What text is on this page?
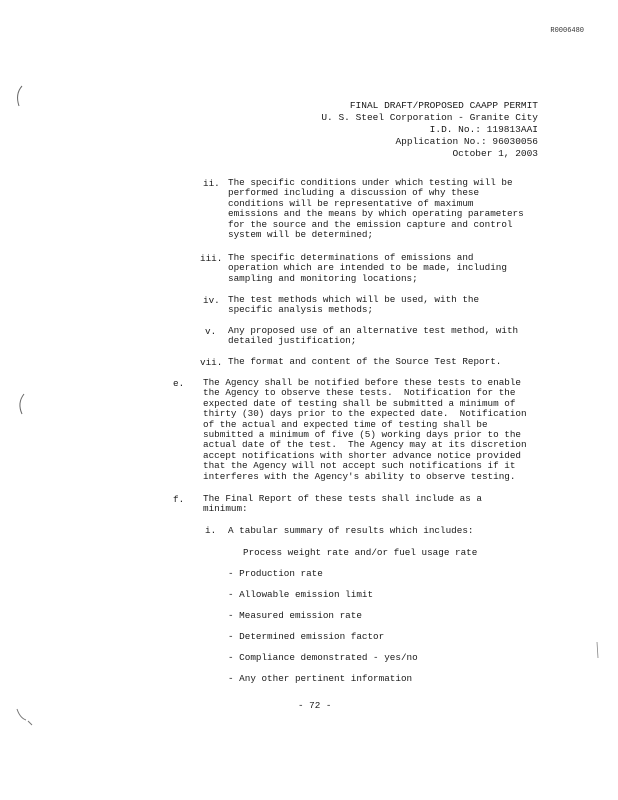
R0006480
FINAL DRAFT/PROPOSED CAAPP PERMIT
U. S. Steel Corporation - Granite City
I.D. No.: 119813AAI
Application No.: 96030056
October 1, 2003
ii. The specific conditions under which testing will be
performed including a discussion of why these
conditions will be representative of maximum
emissions and the means by which operating parameters
for the source and the emission capture and control
system will be determined;
iii. The specific determinations of emissions and
operation which are intended to be made, including
sampling and monitoring locations;
iv. The test methods which will be used, with the
specific analysis methods;
v. Any proposed use of an alternative test method, with
detailed justification;
vii. The format and content of the Source Test Report.
e. The Agency shall be notified before these tests to enable
the Agency to observe these tests.  Notification for the
expected date of testing shall be submitted a minimum of
thirty (30) days prior to the expected date.  Notification
of the actual and expected time of testing shall be
submitted a minimum of five (5) working days prior to the
actual date of the test.  The Agency may at its discretion
accept notifications with shorter advance notice provided
that the Agency will not accept such notifications if it
interferes with the Agency's ability to observe testing.
f. The Final Report of these tests shall include as a
minimum:
i. A tabular summary of results which includes:
Process weight rate and/or fuel usage rate
- Production rate
- Allowable emission limit
- Measured emission rate
- Determined emission factor
- Compliance demonstrated - yes/no
- Any other pertinent information
- 72 -
